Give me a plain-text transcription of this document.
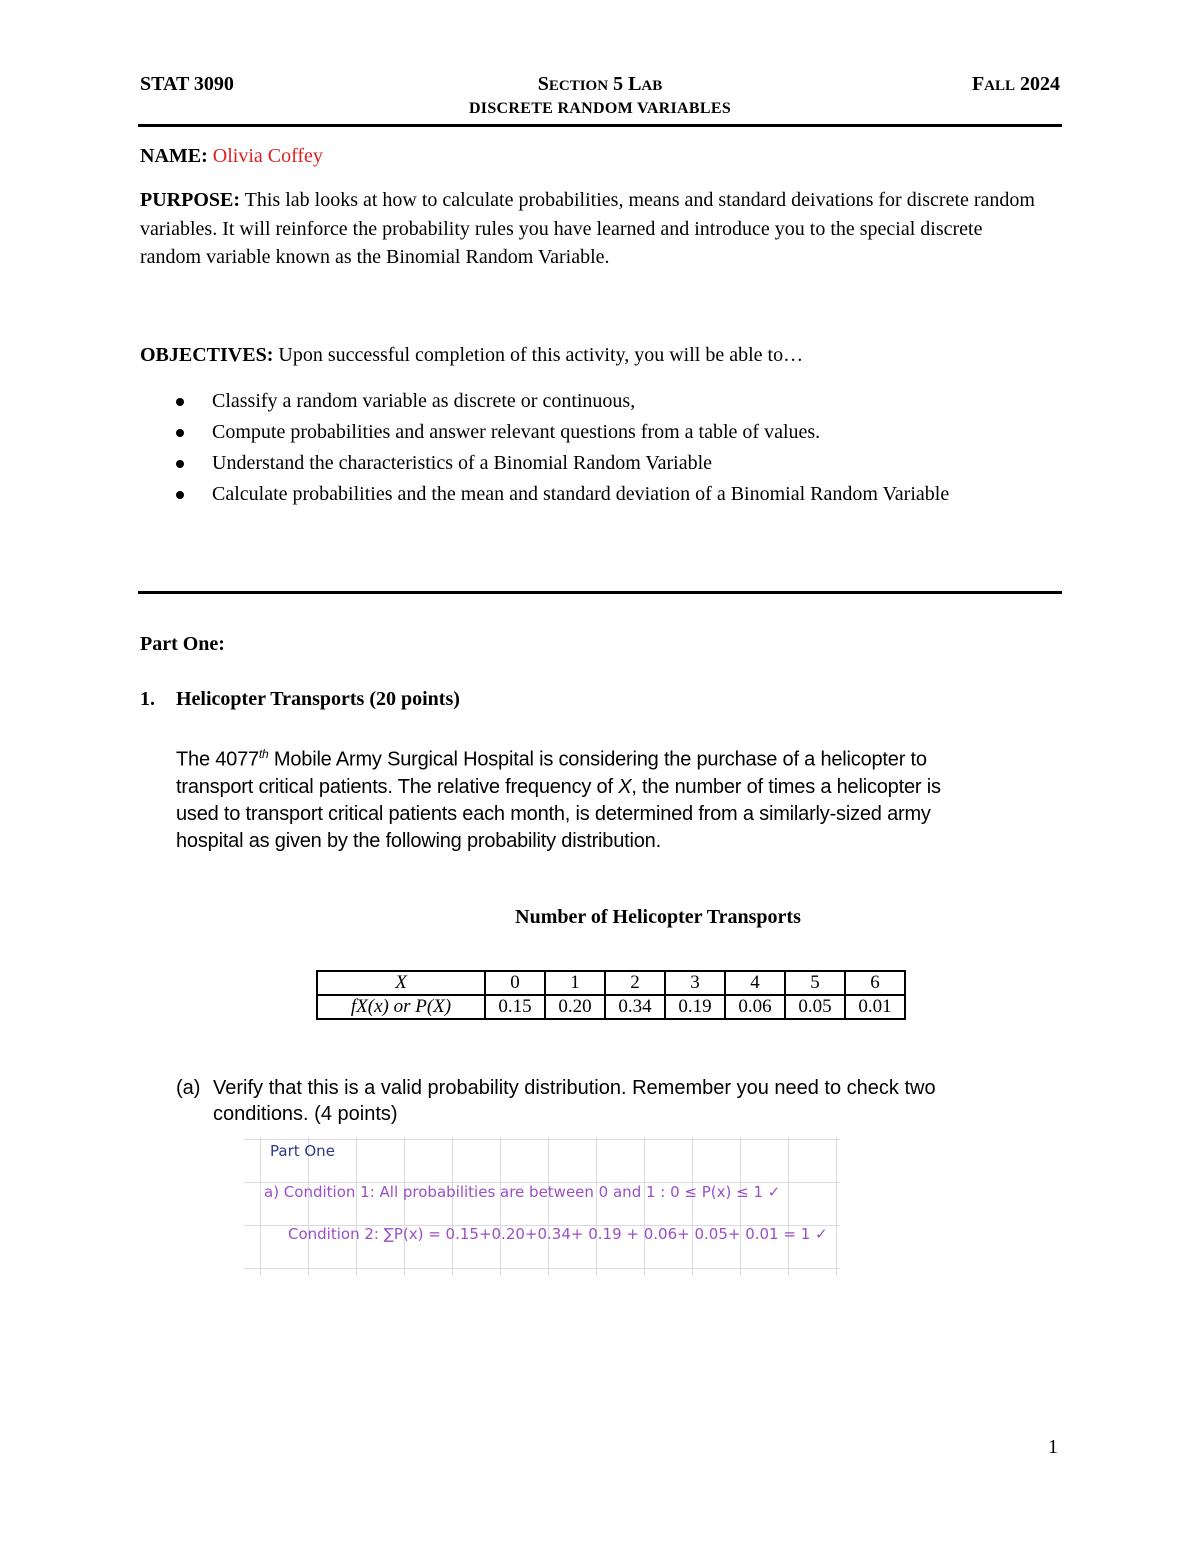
STAT 3090	SECTION 5 LAB	FALL 2024
DISCRETE RANDOM VARIABLES
NAME: Olivia Coffey
PURPOSE: This lab looks at how to calculate probabilities, means and standard deivations for discrete random variables. It will reinforce the probability rules you have learned and introduce you to the special discrete random variable known as the Binomial Random Variable.
OBJECTIVES: Upon successful completion of this activity, you will be able to…
Classify a random variable as discrete or continuous,
Compute probabilities and answer relevant questions from a table of values.
Understand the characteristics of a Binomial Random Variable
Calculate probabilities and the mean and standard deviation of a Binomial Random Variable
Part One:
1. Helicopter Transports (20 points)
The 4077th Mobile Army Surgical Hospital is considering the purchase of a helicopter to transport critical patients. The relative frequency of X, the number of times a helicopter is used to transport critical patients each month, is determined from a similarly-sized army hospital as given by the following probability distribution.
Number of Helicopter Transports
X	0	1	2	3	4	5	6
fX(x) or P(X)	0.15	0.20	0.34	0.19	0.06	0.05	0.01
(a) Verify that this is a valid probability distribution. Remember you need to check two conditions. (4 points)
Part One
a) Condition 1: All probabilities are between 0 and 1 : 0 ≤ P(x) ≤ 1 ✓
Condition 2: ∑P(x) = 0.15+0.20+0.34+ 0.19 + 0.06+ 0.05+ 0.01 = 1 ✓
1
